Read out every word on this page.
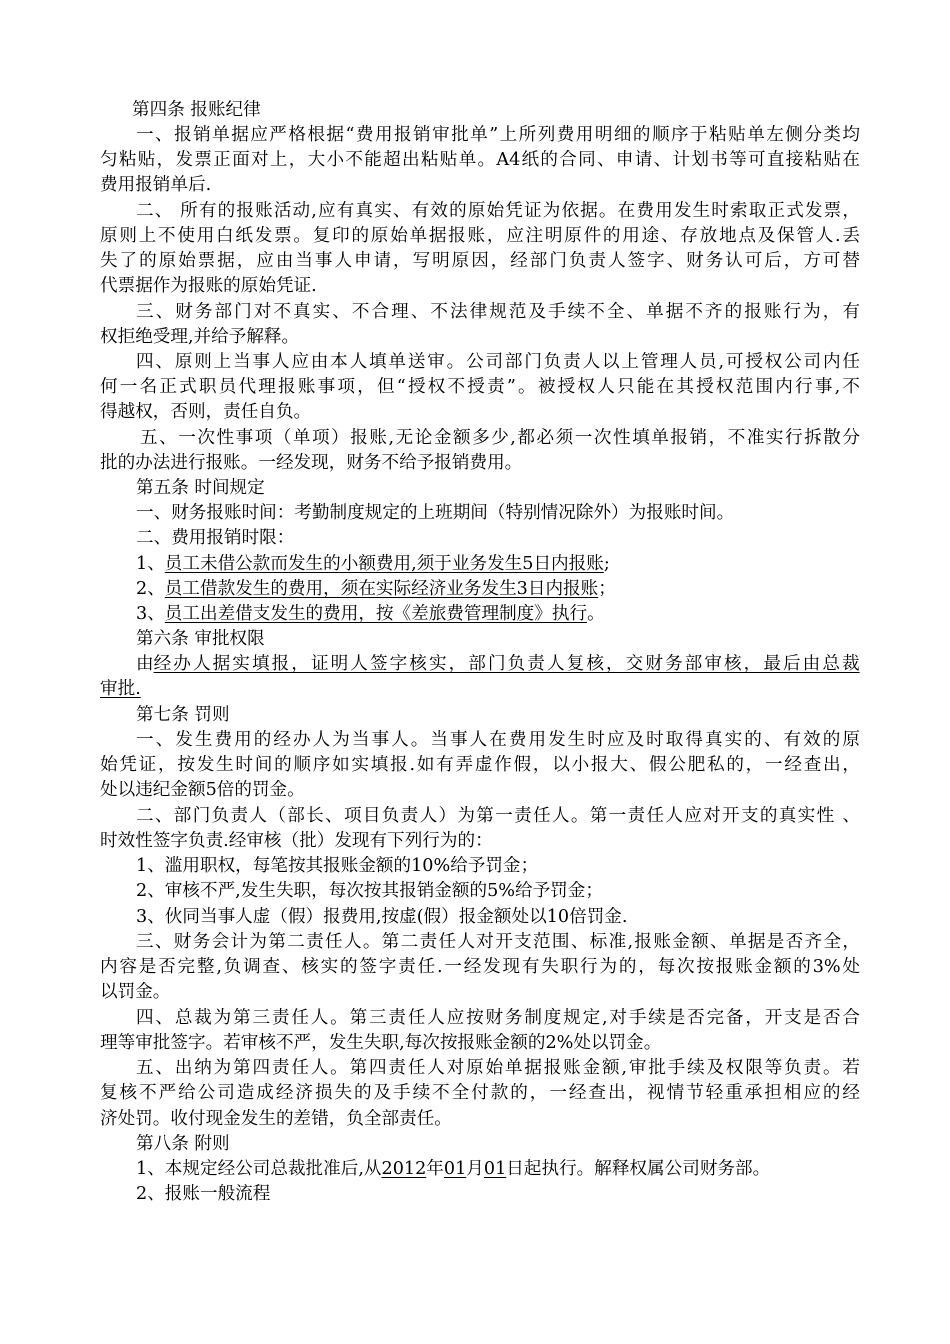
第四条 报账纪律
一、报销单据应严格根据“费用报销审批单”上所列费用明细的顺序于粘贴单左侧分类均
匀粘贴，发票正面对上，大小不能超出粘贴单。A4纸的合同、申请、计划书等可直接粘贴在
费用报销单后.
二、 所有的报账活动,应有真实、有效的原始凭证为依据。在费用发生时索取正式发票，
原则上不使用白纸发票。复印的原始单据报账，应注明原件的用途、存放地点及保管人.丢
失了的原始票据，应由当事人申请，写明原因，经部门负责人签字、财务认可后，方可替
代票据作为报账的原始凭证.
三、财务部门对不真实、不合理、不法律规范及手续不全、单据不齐的报账行为，有
权拒绝受理,并给予解释。
四、原则上当事人应由本人填单送审。公司部门负责人以上管理人员,可授权公司内任
何一名正式职员代理报账事项，但“授权不授责”。被授权人只能在其授权范围内行事,不
得越权，否则，责任自负。
五、一次性事项（单项）报账,无论金额多少,都必须一次性填单报销，不准实行拆散分
批的办法进行报账。一经发现，财务不给予报销费用。
第五条 时间规定
一、财务报账时间：考勤制度规定的上班期间（特别情况除外）为报账时间。
二、费用报销时限：
1、员工未借公款而发生的小额费用,须于业务发生5日内报账;
2、员工借款发生的费用，须在实际经济业务发生3日内报账；
3、员工出差借支发生的费用，按《差旅费管理制度》执行。
第六条 审批权限
由经办人据实填报，证明人签字核实，部门负责人复核，交财务部审核，最后由总裁
审批.
第七条 罚则
一、发生费用的经办人为当事人。当事人在费用发生时应及时取得真实的、有效的原
始凭证，按发生时间的顺序如实填报.如有弄虚作假，以小报大、假公肥私的，一经查出，
处以违纪金额5倍的罚金。
二、部门负责人（部长、项目负责人）为第一责任人。第一责任人应对开支的真实性 、
时效性签字负责.经审核（批）发现有下列行为的：
1、滥用职权，每笔按其报账金额的10%给予罚金；
2、审核不严,发生失职，每次按其报销金额的5%给予罚金；
3、伙同当事人虚（假）报费用,按虚(假）报金额处以10倍罚金.
三、财务会计为第二责任人。第二责任人对开支范围、标准,报账金额、单据是否齐全，
内容是否完整,负调查、核实的签字责任.一经发现有失职行为的，每次按报账金额的3%处
以罚金。
四、总裁为第三责任人。第三责任人应按财务制度规定,对手续是否完备，开支是否合
理等审批签字。若审核不严，发生失职,每次按报账金额的2%处以罚金。
五、出纳为第四责任人。第四责任人对原始单据报账金额,审批手续及权限等负责。若
复核不严给公司造成经济损失的及手续不全付款的，一经查出，视情节轻重承担相应的经
济处罚。收付现金发生的差错，负全部责任。
第八条 附则
1、本规定经公司总裁批准后,从2012年01月01日起执行。解释权属公司财务部。
2、报账一般流程
